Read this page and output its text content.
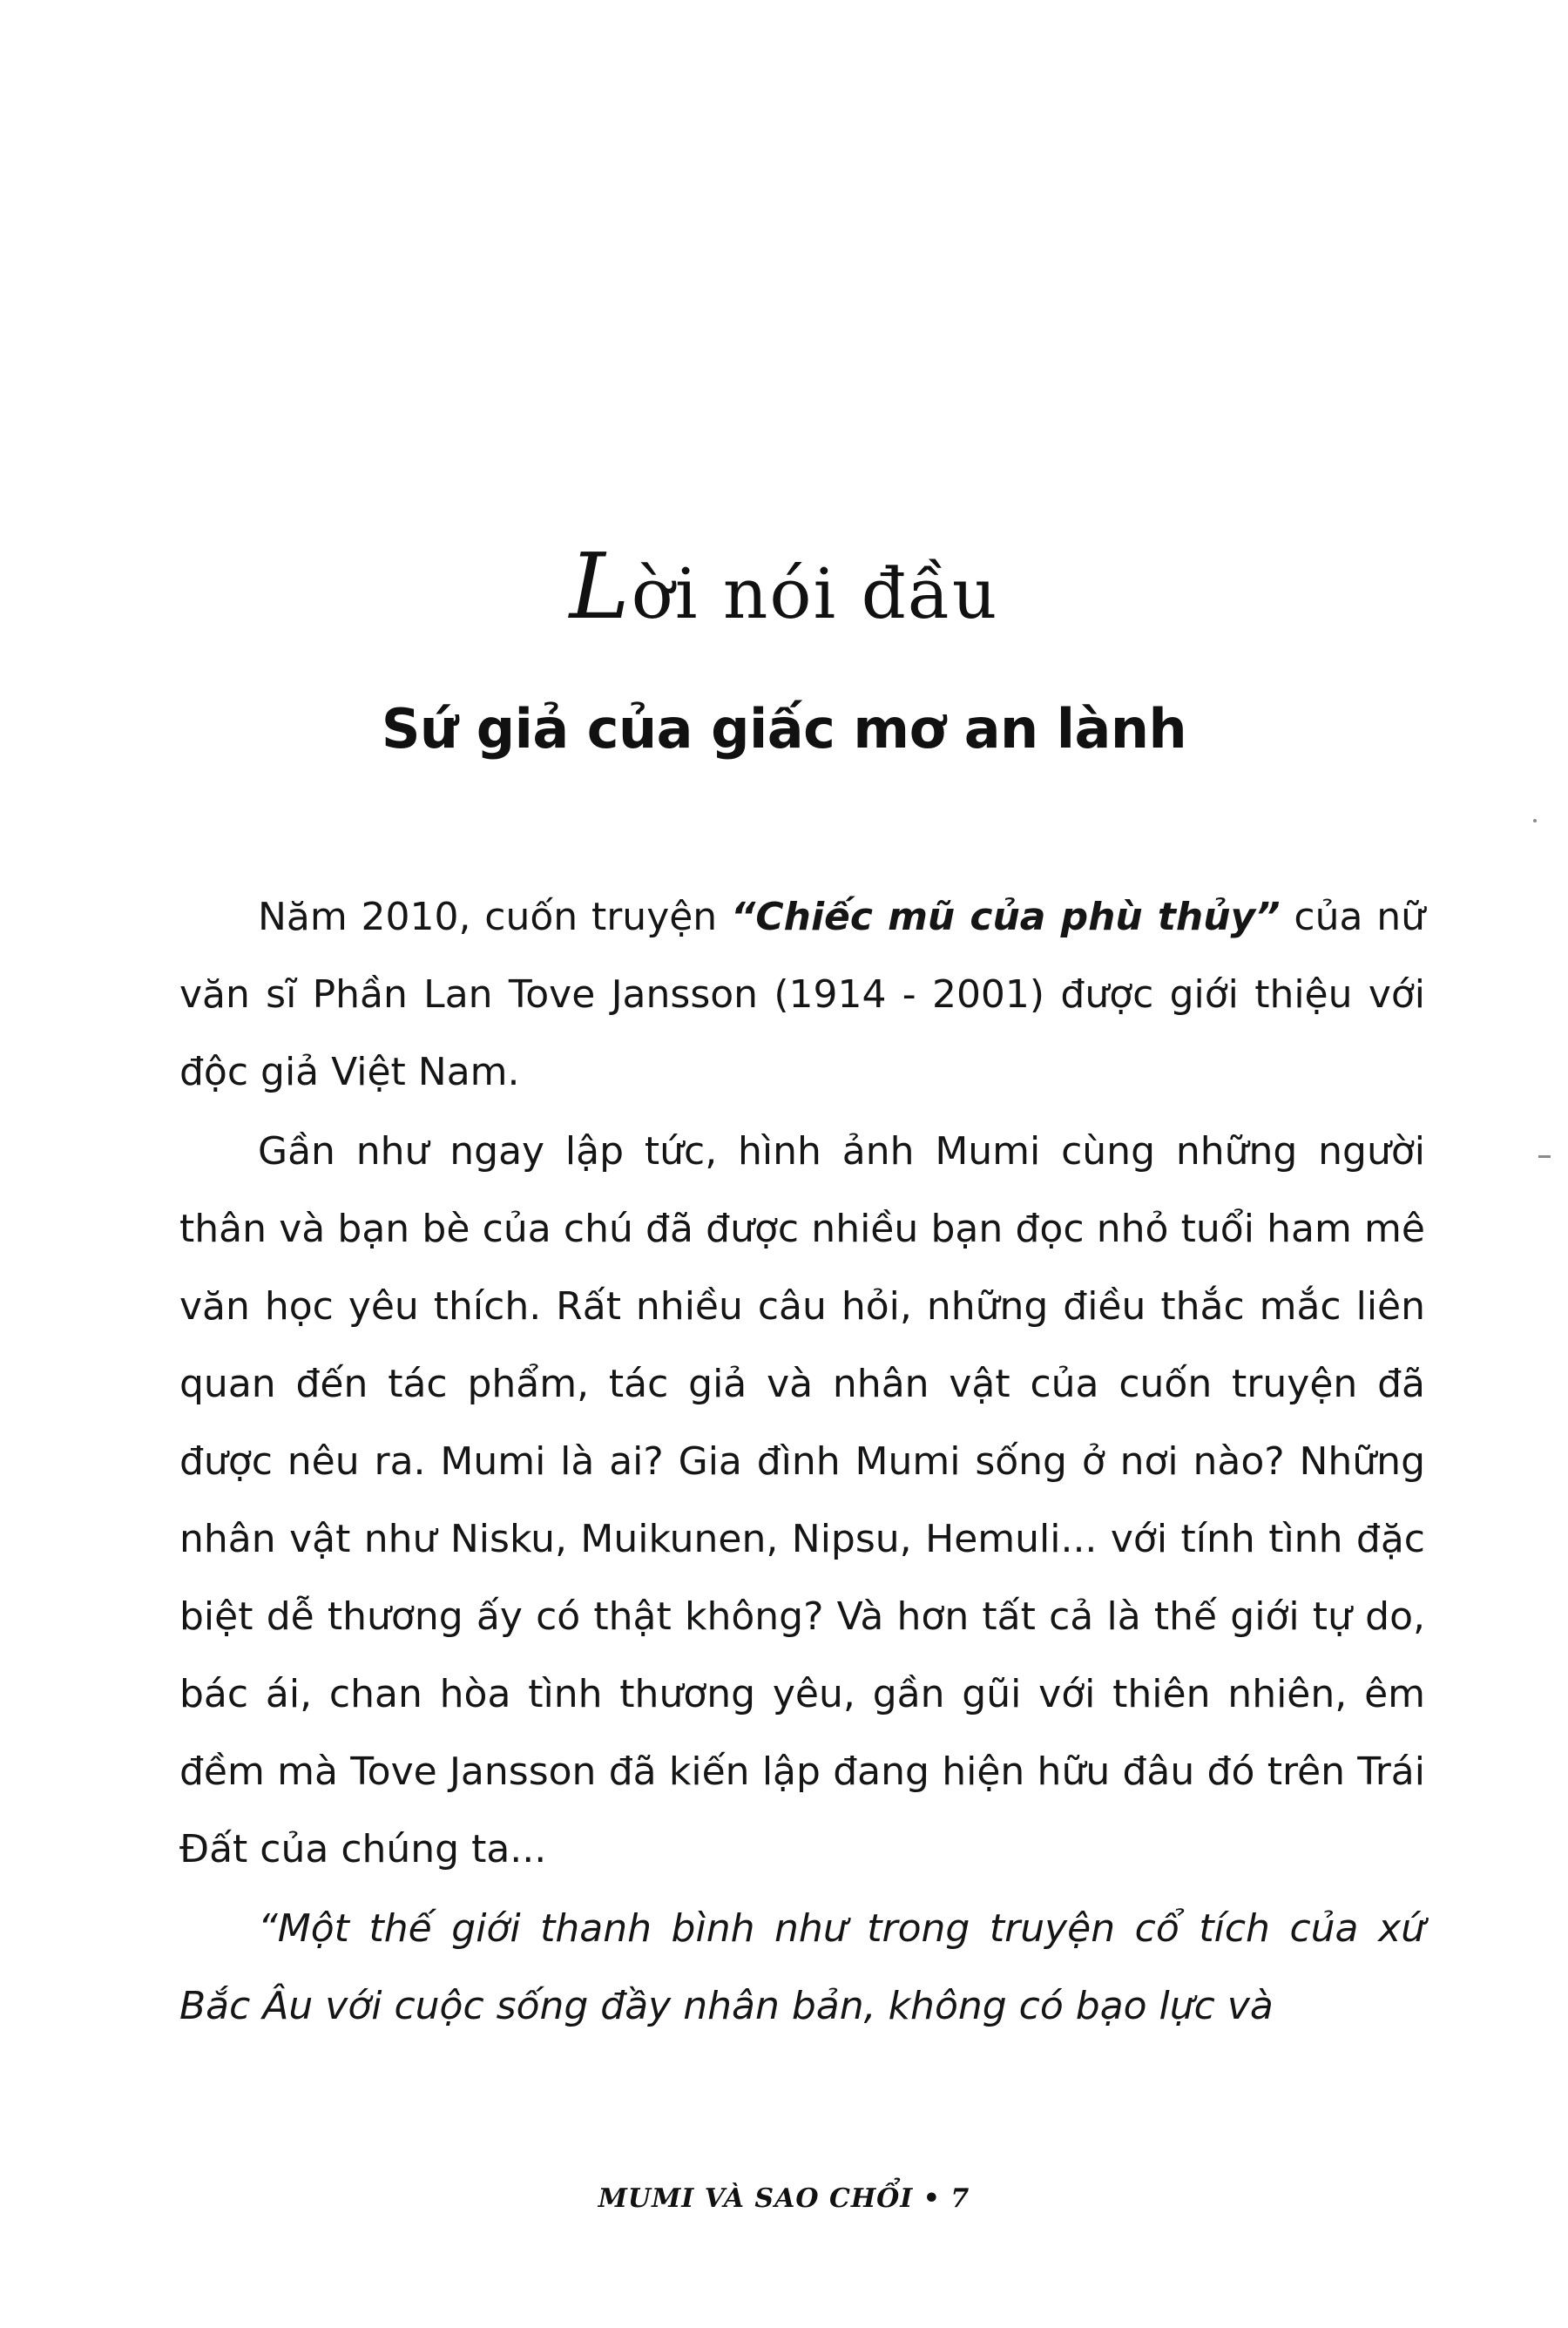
Lời nói đầu
Sứ giả của giấc mơ an lành

Năm 2010, cuốn truyện “Chiếc mũ của phù thủy” của nữ văn sĩ Phần Lan Tove Jansson (1914 - 2001) được giới thiệu với độc giả Việt Nam.

Gần như ngay lập tức, hình ảnh Mumi cùng những người thân và bạn bè của chú đã được nhiều bạn đọc nhỏ tuổi ham mê văn học yêu thích. Rất nhiều câu hỏi, những điều thắc mắc liên quan đến tác phẩm, tác giả và nhân vật của cuốn truyện đã được nêu ra. Mumi là ai? Gia đình Mumi sống ở nơi nào? Những nhân vật như Nisku, Muikunen, Nipsu, Hemuli... với tính tình đặc biệt dễ thương ấy có thật không? Và hơn tất cả là thế giới tự do, bác ái, chan hòa tình thương yêu, gần gũi với thiên nhiên, êm đềm mà Tove Jansson đã kiến lập đang hiện hữu đâu đó trên Trái Đất của chúng ta...

“Một thế giới thanh bình như trong truyện cổ tích của xứ Bắc Âu với cuộc sống đầy nhân bản, không có bạo lực và

MUMI VÀ SAO CHỔI • 7
